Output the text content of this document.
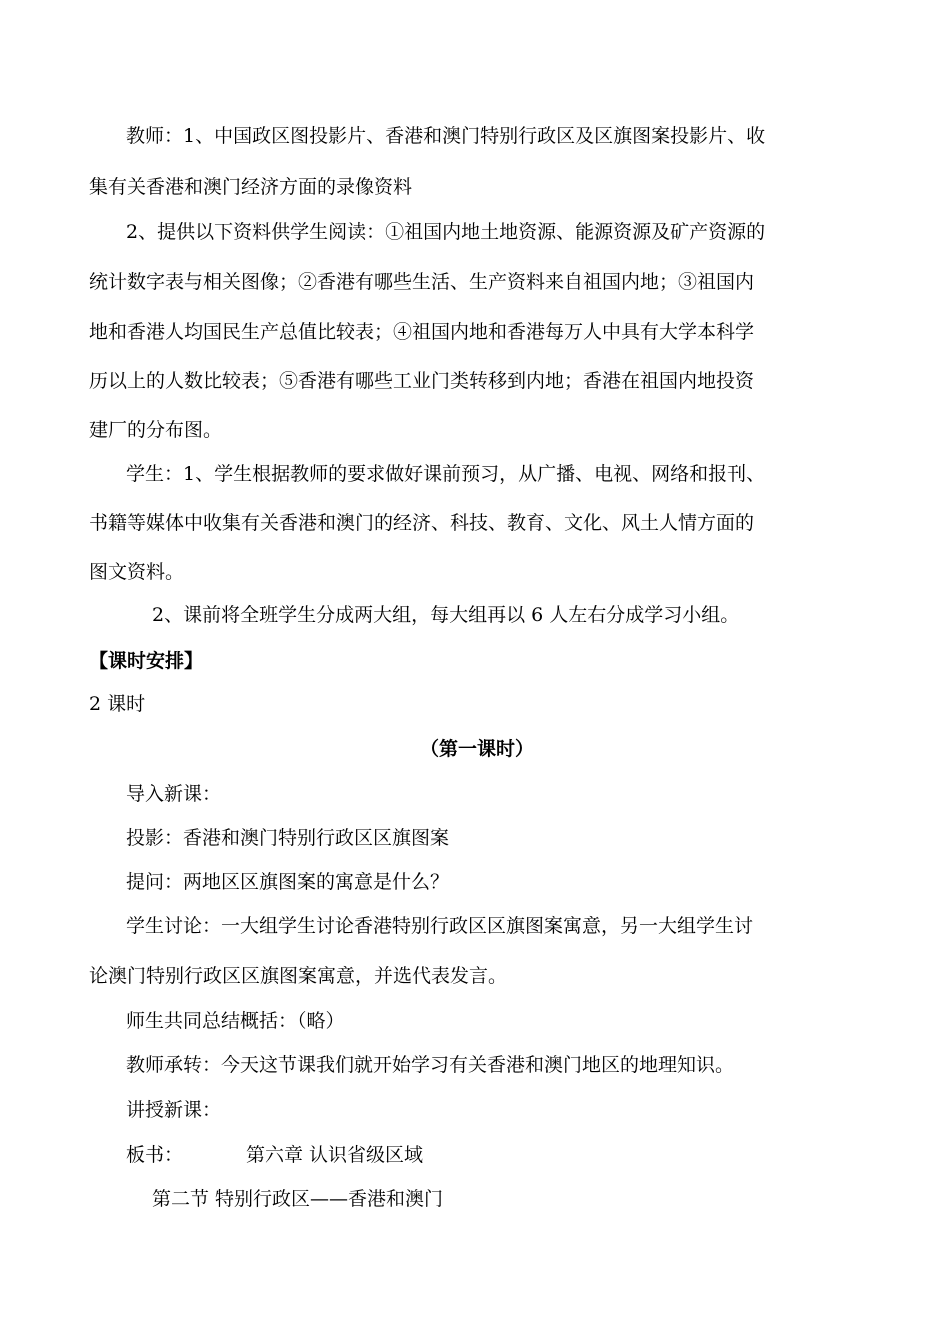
教师：1、中国政区图投影片、香港和澳门特别行政区及区旗图案投影片、收
集有关香港和澳门经济方面的录像资料
2、提供以下资料供学生阅读：①祖国内地土地资源、能源资源及矿产资源的
统计数字表与相关图像；②香港有哪些生活、生产资料来自祖国内地；③祖国内
地和香港人均国民生产总值比较表；④祖国内地和香港每万人中具有大学本科学
历以上的人数比较表；⑤香港有哪些工业门类转移到内地；香港在祖国内地投资
建厂的分布图。
学生：1、学生根据教师的要求做好课前预习，从广播、电视、网络和报刊、
书籍等媒体中收集有关香港和澳门的经济、科技、教育、文化、风土人情方面的
图文资料。
2、课前将全班学生分成两大组，每大组再以 6 人左右分成学习小组。
【课时安排】
2 课时
（第一课时）
导入新课：
投影：香港和澳门特别行政区区旗图案
提问：两地区区旗图案的寓意是什么？
学生讨论：一大组学生讨论香港特别行政区区旗图案寓意，另一大组学生讨
论澳门特别行政区区旗图案寓意，并选代表发言。
师生共同总结概括：（略）
教师承转：今天这节课我们就开始学习有关香港和澳门地区的地理知识。
讲授新课：
板书：	第六章 认识省级区域
第二节 特别行政区——香港和澳门
